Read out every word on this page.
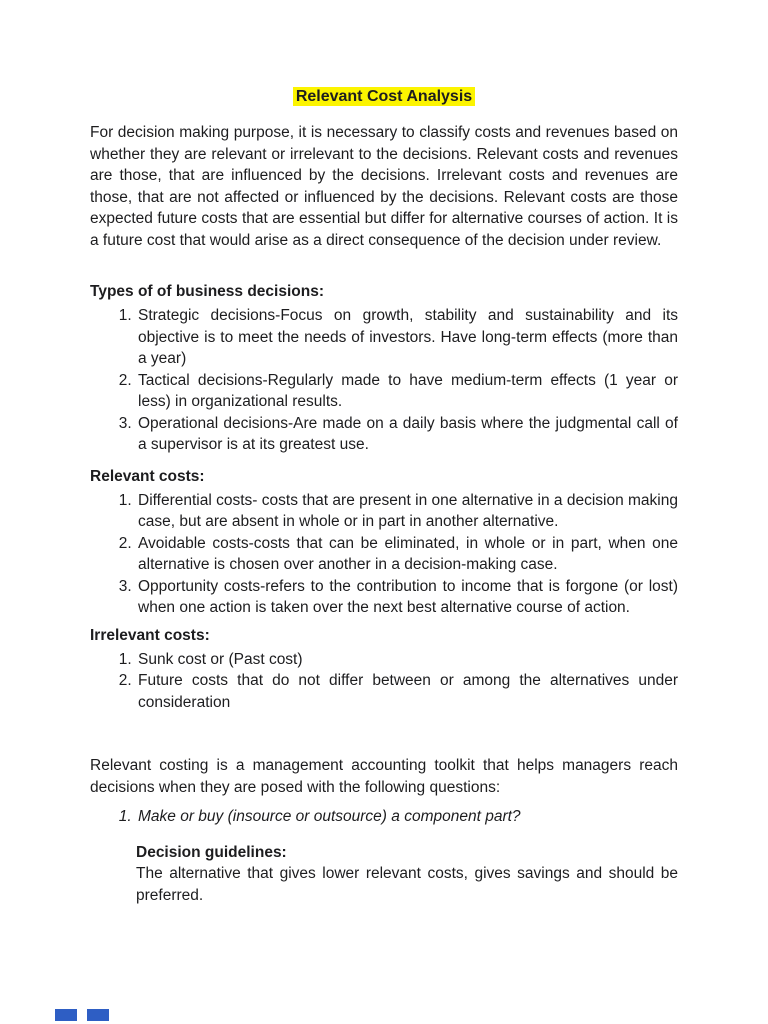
Relevant Cost Analysis

For decision making purpose, it is necessary to classify costs and revenues based on whether they are relevant or irrelevant to the decisions. Relevant costs and revenues are those, that are influenced by the decisions. Irrelevant costs and revenues are those, that are not affected or influenced by the decisions. Relevant costs are those expected future costs that are essential but differ for alternative courses of action. It is a future cost that would arise as a direct consequence of the decision under review.

Types of of business decisions:
1. Strategic decisions-Focus on growth, stability and sustainability and its objective is to meet the needs of investors. Have long-term effects (more than a year)
2. Tactical decisions-Regularly made to have medium-term effects (1 year or less) in organizational results.
3. Operational decisions-Are made on a daily basis where the judgmental call of a supervisor is at its greatest use.
Relevant costs:
1. Differential costs- costs that are present in one alternative in a decision making case, but are absent in whole or in part in another alternative.
2. Avoidable costs-costs that can be eliminated, in whole or in part, when one alternative is chosen over another in a decision-making case.
3. Opportunity costs-refers to the contribution to income that is forgone (or lost) when one action is taken over the next best alternative course of action.
Irrelevant costs:
1. Sunk cost or (Past cost)
2. Future costs that do not differ between or among the alternatives under consideration

Relevant costing is a management accounting toolkit that helps managers reach decisions when they are posed with the following questions:

1. Make or buy (insource or outsource) a component part?
Decision guidelines:

The alternative that gives lower relevant costs, gives savings and should be preferred.
